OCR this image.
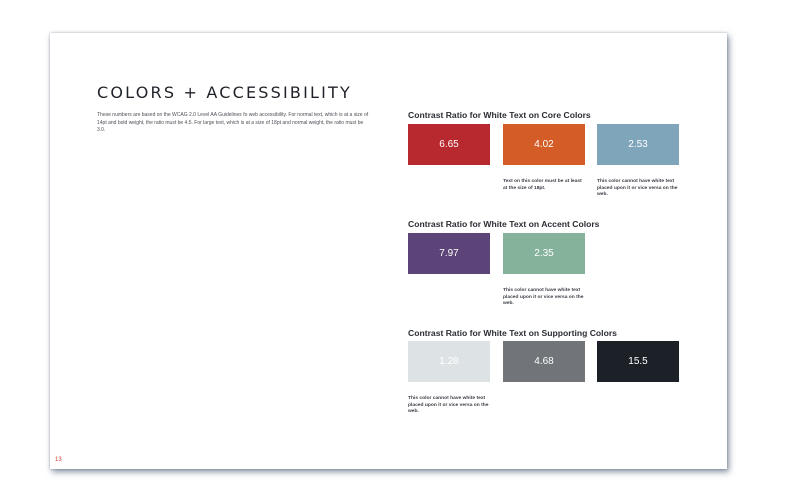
COLORS + ACCESSIBILITY
These numbers are based on the WCAG 2.0 Level AA Guidelines fo web accessibility. For normal text, which is at a size of 14pt and bold weight, the ratio must be 4.5. For large text, which is at a size of 18pt and normal weight, the ratio must be 3.0.
Contrast Ratio for White Text on Core Colors
6.65	4.02	2.53
Text on this color must be at least at the size of 18pt.
This color cannot have white text placed upon it or vice versa on the web.
Contrast Ratio for White Text on Accent Colors
7.97	2.35
This color cannot have white text placed upon it or vice versa on the web.
Contrast Ratio for White Text on Supporting Colors
1.28	4.68	15.5
This color cannot have white text placed upon it or vice versa on the web.
13
